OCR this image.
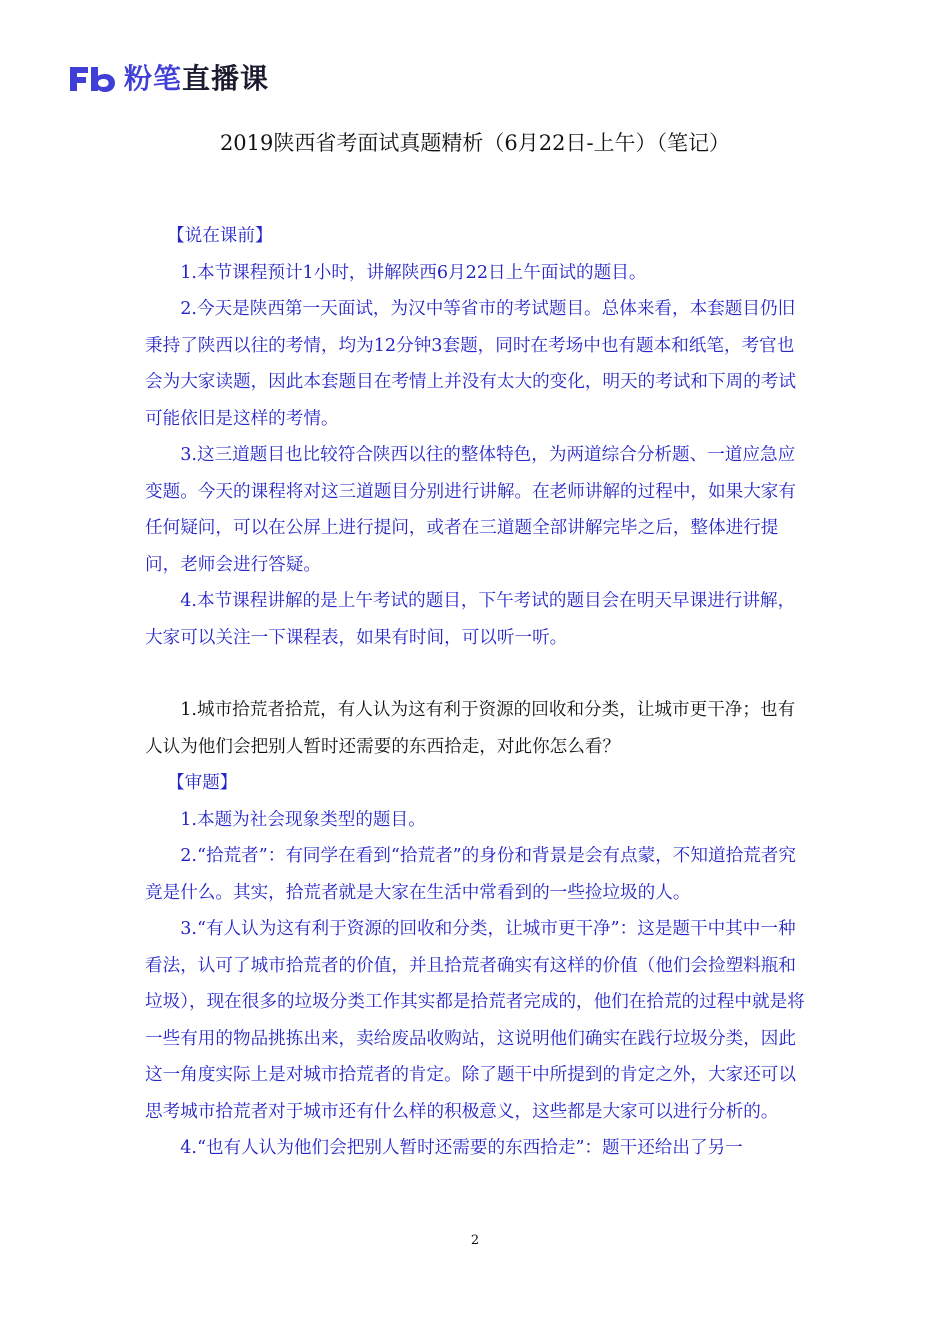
粉笔直播课
2019陕西省考面试真题精析（6月22日-上午）（笔记）

【说在课前】

1.本节课程预计1小时，讲解陕西6月22日上午面试的题目。

2.今天是陕西第一天面试，为汉中等省市的考试题目。总体来看，本套题目仍旧秉持了陕西以往的考情，均为12分钟3套题，同时在考场中也有题本和纸笔，考官也会为大家读题，因此本套题目在考情上并没有太大的变化，明天的考试和下周的考试可能依旧是这样的考情。

3.这三道题目也比较符合陕西以往的整体特色，为两道综合分析题、一道应急应变题。今天的课程将对这三道题目分别进行讲解。在老师讲解的过程中，如果大家有任何疑问，可以在公屏上进行提问，或者在三道题全部讲解完毕之后，整体进行提问，老师会进行答疑。

4.本节课程讲解的是上午考试的题目，下午考试的题目会在明天早课进行讲解，大家可以关注一下课程表，如果有时间，可以听一听。

1.城市拾荒者拾荒，有人认为这有利于资源的回收和分类，让城市更干净；也有人认为他们会把别人暂时还需要的东西拾走，对此你怎么看？

【审题】

1.本题为社会现象类型的题目。

2.“拾荒者”：有同学在看到“拾荒者”的身份和背景是会有点蒙，不知道拾荒者究竟是什么。其实，拾荒者就是大家在生活中常看到的一些捡垃圾的人。

3.“有人认为这有利于资源的回收和分类，让城市更干净”：这是题干中其中一种看法，认可了城市拾荒者的价值，并且拾荒者确实有这样的价值（他们会捡塑料瓶和垃圾），现在很多的垃圾分类工作其实都是拾荒者完成的，他们在拾荒的过程中就是将一些有用的物品挑拣出来，卖给废品收购站，这说明他们确实在践行垃圾分类，因此这一角度实际上是对城市拾荒者的肯定。除了题干中所提到的肯定之外，大家还可以思考城市拾荒者对于城市还有什么样的积极意义，这些都是大家可以进行分析的。

4.“也有人认为他们会把别人暂时还需要的东西拾走”：题干还给出了另一

2
